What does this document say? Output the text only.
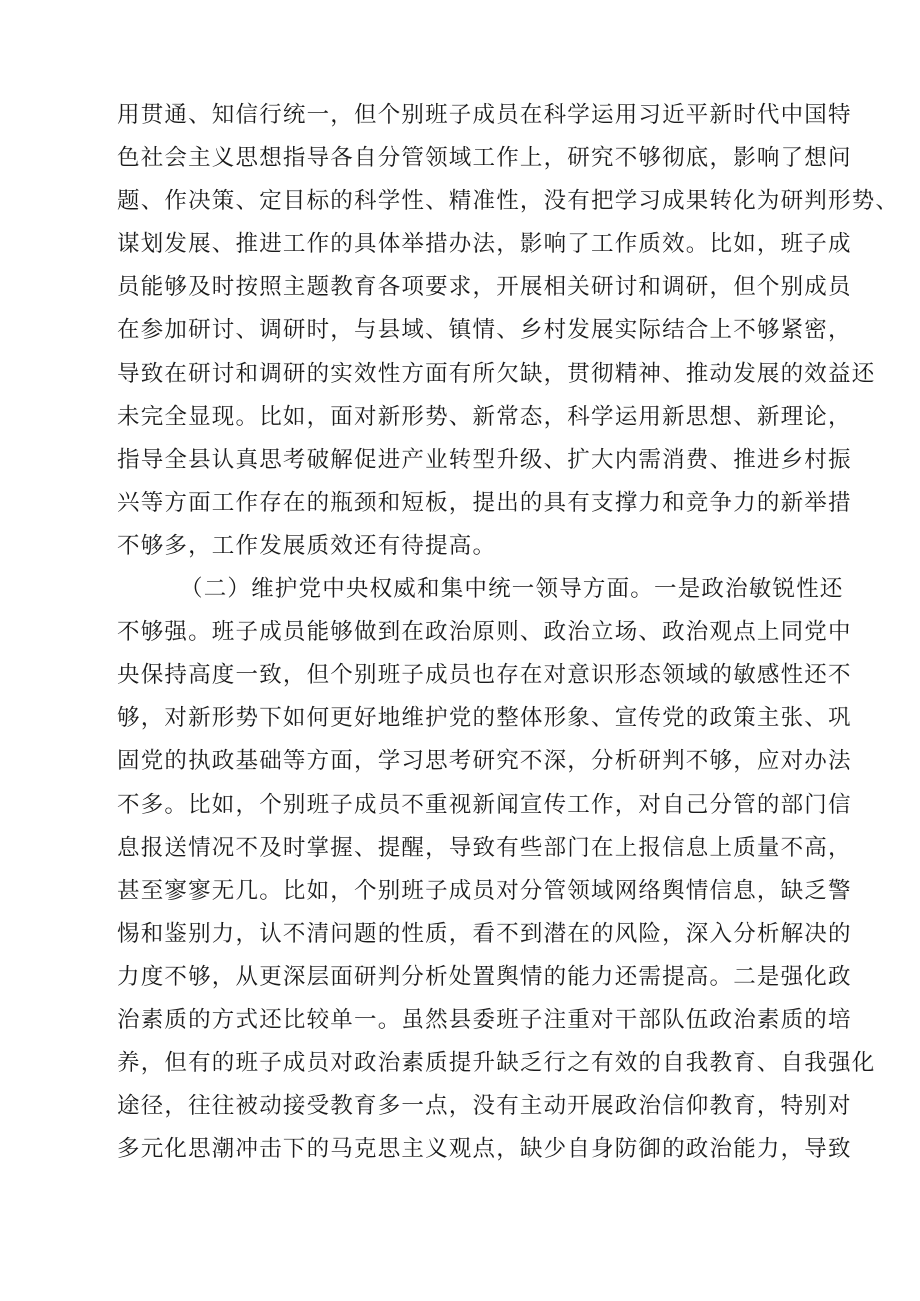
用贯通、知信行统一，但个别班子成员在科学运用习近平新时代中国特
色社会主义思想指导各自分管领域工作上，研究不够彻底，影响了想问
题、作决策、定目标的科学性、精准性，没有把学习成果转化为研判形势、
谋划发展、推进工作的具体举措办法，影响了工作质效。比如，班子成
员能够及时按照主题教育各项要求，开展相关研讨和调研，但个别成员
在参加研讨、调研时，与县域、镇情、乡村发展实际结合上不够紧密，
导致在研讨和调研的实效性方面有所欠缺，贯彻精神、推动发展的效益还
未完全显现。比如，面对新形势、新常态，科学运用新思想、新理论，
指导全县认真思考破解促进产业转型升级、扩大内需消费、推进乡村振
兴等方面工作存在的瓶颈和短板，提出的具有支撑力和竞争力的新举措
不够多，工作发展质效还有待提高。
（二）维护党中央权威和集中统一领导方面。一是政治敏锐性还
不够强。班子成员能够做到在政治原则、政治立场、政治观点上同党中
央保持高度一致，但个别班子成员也存在对意识形态领域的敏感性还不
够，对新形势下如何更好地维护党的整体形象、宣传党的政策主张、巩
固党的执政基础等方面，学习思考研究不深，分析研判不够，应对办法
不多。比如，个别班子成员不重视新闻宣传工作，对自己分管的部门信
息报送情况不及时掌握、提醒，导致有些部门在上报信息上质量不高，
甚至寥寥无几。比如，个别班子成员对分管领域网络舆情信息，缺乏警
惕和鉴别力，认不清问题的性质，看不到潜在的风险，深入分析解决的
力度不够，从更深层面研判分析处置舆情的能力还需提高。二是强化政
治素质的方式还比较单一。虽然县委班子注重对干部队伍政治素质的培
养，但有的班子成员对政治素质提升缺乏行之有效的自我教育、自我强化
途径，往往被动接受教育多一点，没有主动开展政治信仰教育，特别对
多元化思潮冲击下的马克思主义观点，缺少自身防御的政治能力，导致
